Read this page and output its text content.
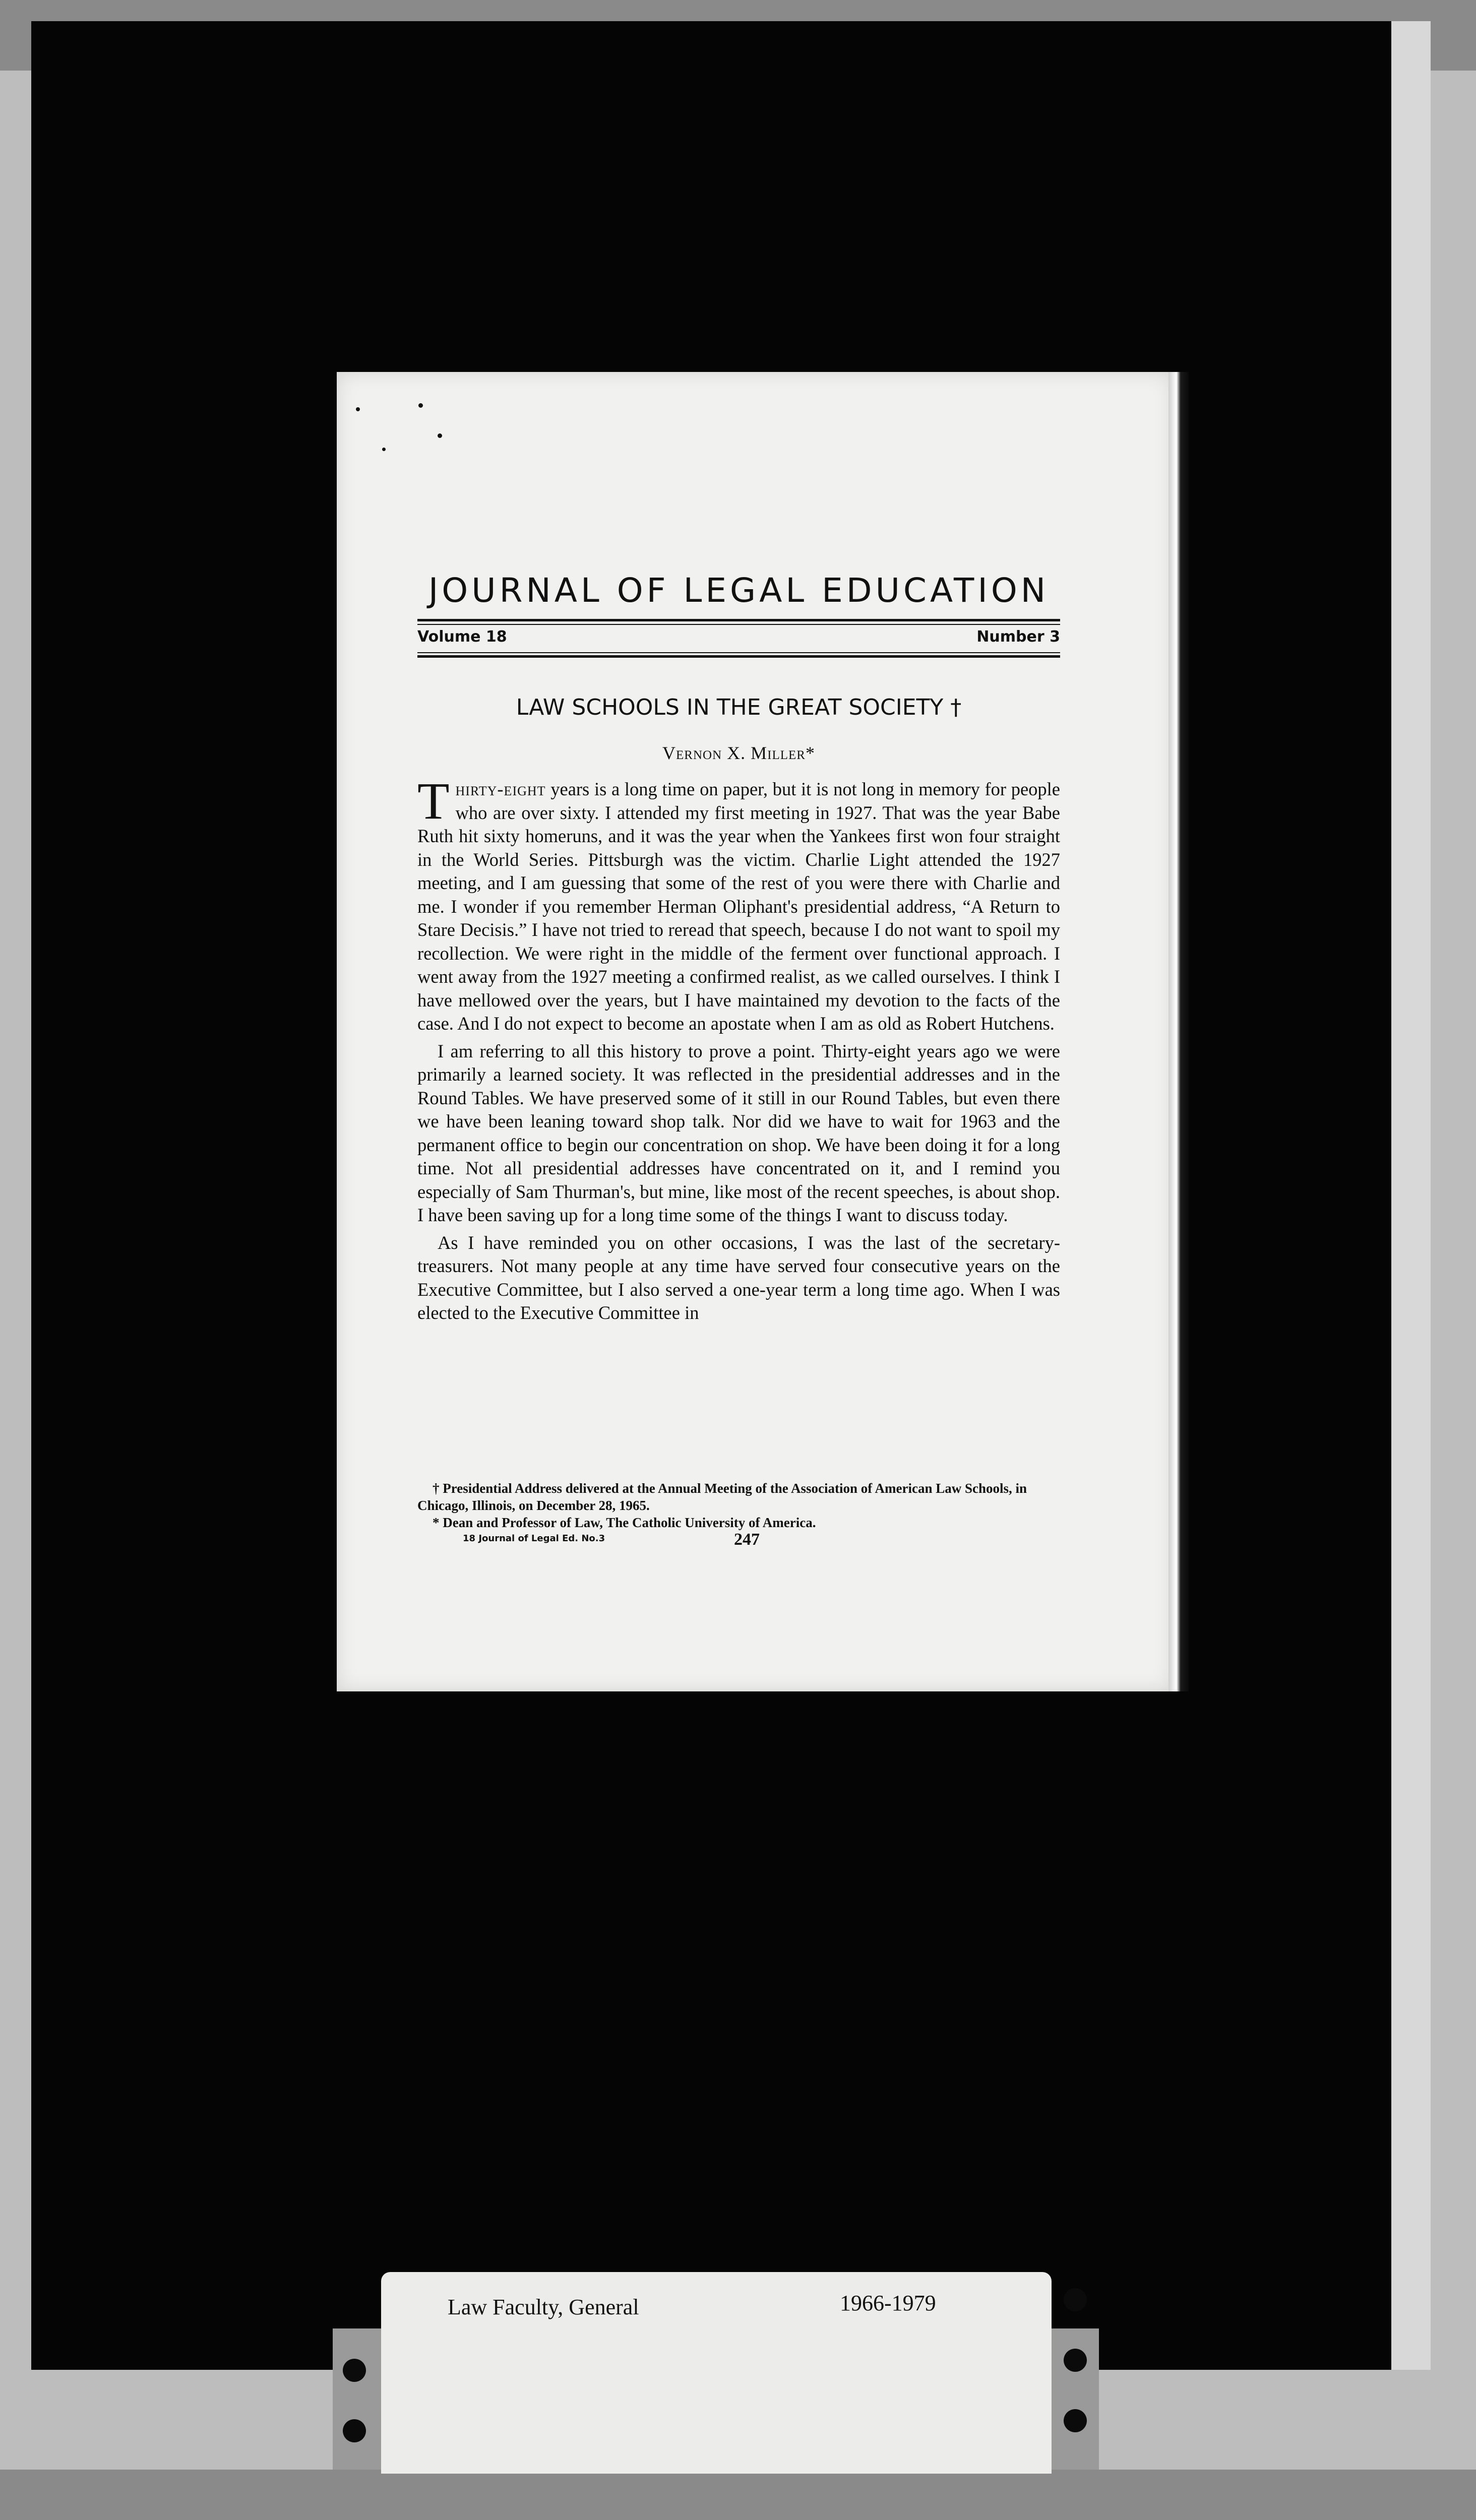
JOURNAL OF LEGAL EDUCATION
Volume 18	Number 3
LAW SCHOOLS IN THE GREAT SOCIETY †
Vernon X. Miller*

Thirty-eight years is a long time on paper, but it is not long in memory for people who are over sixty. I attended my first meeting in 1927. That was the year Babe Ruth hit sixty homeruns, and it was the year when the Yankees first won four straight in the World Series. Pittsburgh was the victim. Charlie Light attended the 1927 meeting, and I am guessing that some of the rest of you were there with Charlie and me. I wonder if you remember Herman Oliphant's presidential address, “A Return to Stare Decisis.” I have not tried to reread that speech, because I do not want to spoil my recollection. We were right in the middle of the ferment over functional approach. I went away from the 1927 meeting a confirmed realist, as we called ourselves. I think I have mellowed over the years, but I have maintained my devotion to the facts of the case. And I do not expect to become an apostate when I am as old as Robert Hutchens.

I am referring to all this history to prove a point. Thirty-eight years ago we were primarily a learned society. It was reflected in the presidential addresses and in the Round Tables. We have preserved some of it still in our Round Tables, but even there we have been leaning toward shop talk. Nor did we have to wait for 1963 and the permanent office to begin our concentration on shop. We have been doing it for a long time. Not all presidential addresses have concentrated on it, and I remind you especially of Sam Thurman's, but mine, like most of the recent speeches, is about shop. I have been saving up for a long time some of the things I want to discuss today.

As I have reminded you on other occasions, I was the last of the secretary-treasurers. Not many people at any time have served four consecutive years on the Executive Committee, but I also served a one-year term a long time ago. When I was elected to the Executive Committee in

† Presidential Address delivered at the Annual Meeting of the Association of American Law Schools, in Chicago, Illinois, on December 28, 1965.
* Dean and Professor of Law, The Catholic University of America.
18 Journal of Legal Ed. No.3	247
Law Faculty, General	1966-1979
